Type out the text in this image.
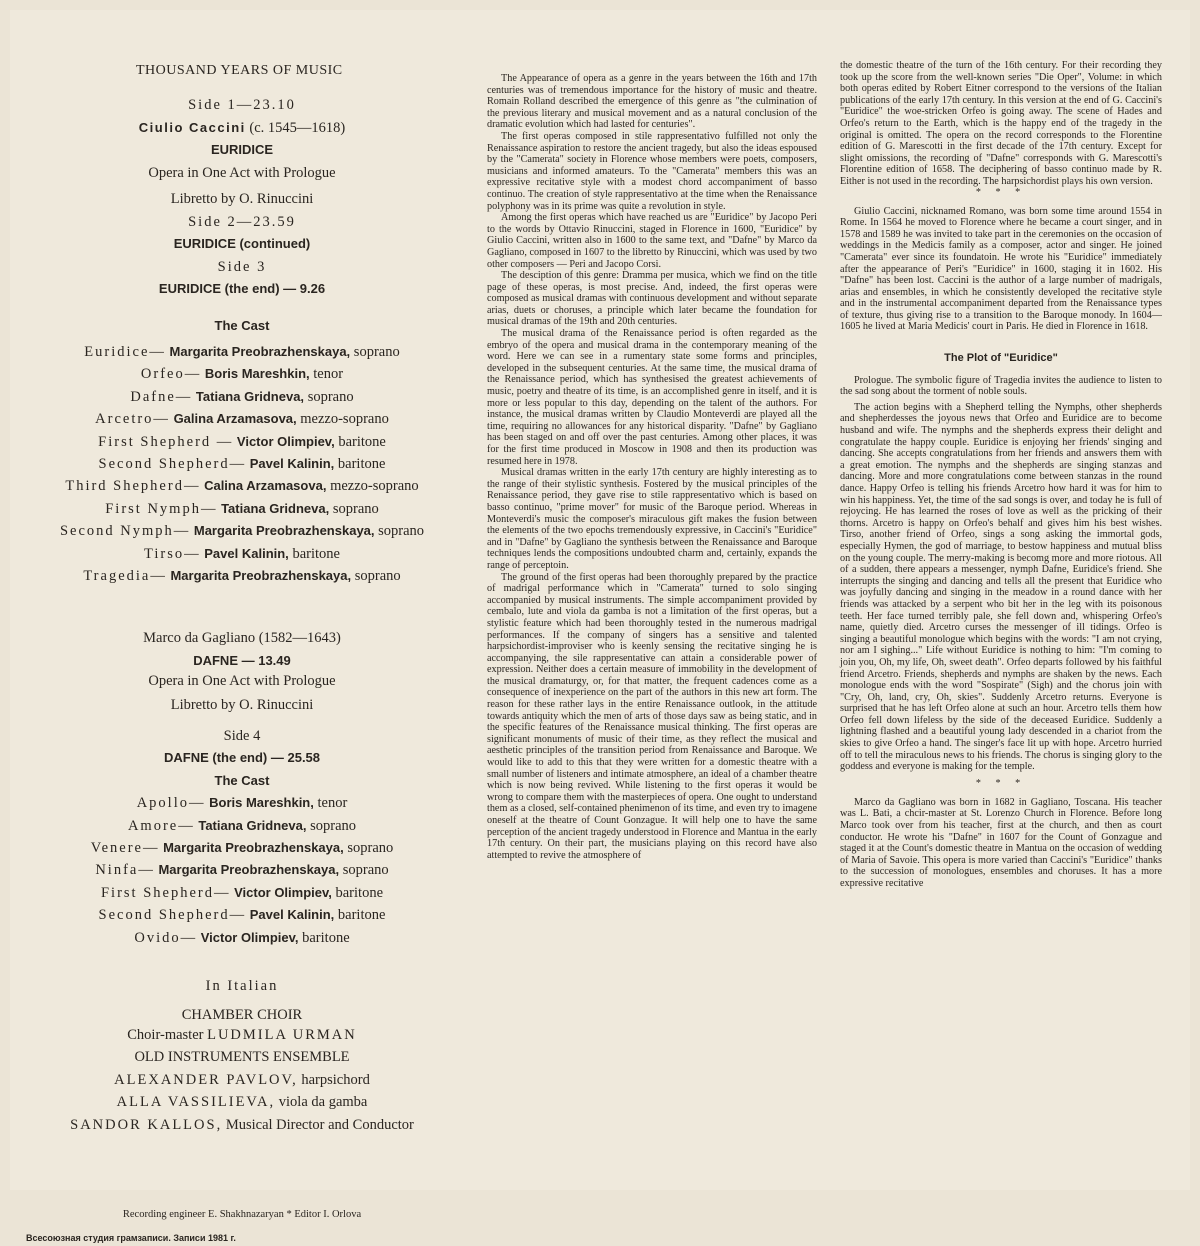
THOUSAND YEARS OF MUSIC
Side 1—23.10
Ciulio Caccini (c. 1545—1618)
EURIDICE
Opera in One Act with Prologue
Libretto by O. Rinuccini
Side 2—23.59
EURIDICE (continued)
Side 3
EURIDICE (the end) — 9.26
The Cast
Euridice— Margarita Preobrazhenskaya, soprano
Orfeo— Boris Mareshkin, tenor
Dafne— Tatiana Gridneva, soprano
Arcetro— Galina Arzamasova, mezzo-soprano
First Shepherd — Victor Olimpiev, baritone
Second Shepherd— Pavel Kalinin, baritone
Third Shepherd— Calina Arzamasova, mezzo-soprano
First Nymph— Tatiana Gridneva, soprano
Second Nymph— Margarita Preobrazhenskaya, soprano
Tirso— Pavel Kalinin, baritone
Tragedia— Margarita Preobrazhenskaya, soprano
Marco da Gagliano (1582—1643)
DAFNE — 13.49
Opera in One Act with Prologue
Libretto by O. Rinuccini
Side 4
DAFNE (the end) — 25.58
The Cast
Apollo— Boris Mareshkin, tenor
Amore— Tatiana Gridneva, soprano
Venere— Margarita Preobrazhenskaya, soprano
Ninfa— Margarita Preobrazhenskaya, soprano
First Shepherd— Victor Olimpiev, baritone
Second Shepherd— Pavel Kalinin, baritone
Ovido— Victor Olimpiev, baritone
In Italian
CHAMBER CHOIR
Choir-master LUDMILA URMAN
OLD INSTRUMENTS ENSEMBLE
ALEXANDER PAVLOV, harpsichord
ALLA VASSILIEVA, viola da gamba
SANDOR KALLOS, Musical Director and Conductor
Recording engineer E. Shakhnazaryan * Editor I. Orlova
Всесоюзная студия грамзаписи. Записи 1981 г.

The Appearance of opera as a genre in the years between the 16th and 17th centuries was of tremendous importance for the history of music and theatre. Romain Rolland described the emergence of this genre as "the culmination of the previous literary and musical movement and as a natural conclusion of the dramatic evolution which had lasted for centuries".

The first operas composed in stile rappresentativo fulfilled not only the Renaissance aspiration to restore the ancient tragedy, but also the ideas espoused by the "Camerata" society in Florence whose members were poets, composers, musicians and informed amateurs. To the "Camerata" members this was an expressive recitative style with a modest chord accompaniment of basso continuo. The creation of style rappresentativo at the time when the Renaissance polyphony was in its prime was quite a revolution in style.

Among the first operas which have reached us are "Euridice" by Jacopo Peri to the words by Ottavio Rinuccini, staged in Florence in 1600, "Euridice" by Giulio Caccini, written also in 1600 to the same text, and "Dafne" by Marco da Gagliano, composed in 1607 to the libretto by Rinuccini, which was used by two other composers — Peri and Jacopo Corsi.

The desciption of this genre: Dramma per musica, which we find on the title page of these operas, is most precise. And, indeed, the first operas were composed as musical dramas with continuous development and without separate arias, duets or choruses, a principle which later became the foundation for musical dramas of the 19th and 20th centuries.

The musical drama of the Renaissance period is often regarded as the embryo of the opera and musical drama in the contemporary meaning of the word. Here we can see in a rumentary state some forms and principles, developed in the subsequent centuries. At the same time, the musical drama of the Renaissance period, which has synthesised the greatest achievements of music, poetry and theatre of its time, is an accomplished genre in itself, and it is more or less popular to this day, depending on the talent of the authors. For instance, the musical dramas written by Claudio Monteverdi are played all the time, requiring no allowances for any historical disparity. "Dafne" by Gagliano has been staged on and off over the past centuries. Among other places, it was for the first time produced in Moscow in 1908 and then its production was resumed here in 1978.

Musical dramas written in the early 17th century are highly interesting as to the range of their stylistic synthesis. Fostered by the musical principles of the Renaissance period, they gave rise to stile rappresentativo which is based on basso continuo, "prime mover" for music of the Baroque period. Whereas in Monteverdi's music the composer's miraculous gift makes the fusion between the elements of the two epochs tremendously expressive, in Caccini's "Euridice" and in "Dafne" by Gagliano the synthesis between the Renaissance and Baroque techniques lends the compositions undoubted charm and, certainly, expands the range of perceptoin.

The ground of the first operas had been thoroughly prepared by the practice of madrigal performance which in "Camerata" turned to solo singing accompanied by musical instruments. The simple accompaniment provided by cembalo, lute and viola da gamba is not a limitation of the first operas, but a stylistic feature which had been thoroughly tested in the numerous madrigal performances. If the company of singers has a sensitive and talented harpsichordist-improviser who is keenly sensing the recitative singing he is accompanying, the sile rappresentative can attain a considerable power of expression. Neither does a certain measure of immobility in the development of the musical dramaturgy, or, for that matter, the frequent cadences come as a consequence of inexperience on the part of the authors in this new art form. The reason for these rather lays in the entire Renaissance outlook, in the attitude towards antiquity which the men of arts of those days saw as being static, and in the specific features of the Renaissance musical thinking. The first operas are significant monuments of music of their time, as they reflect the musical and aesthetic principles of the transition period from Renaissance and Baroque. We would like to add to this that they were written for a domestic theatre with a small number of listeners and intimate atmosphere, an ideal of a chamber theatre which is now being revived. While listening to the first operas it would be wrong to compare them with the masterpieces of opera. One ought to understand them as a closed, self-contained phenimenon of its time, and even try to imagene oneself at the theatre of Count Gonzague. It will help one to have the same perception of the ancient tragedy understood in Florence and Mantua in the early 17th century. On their part, the musicians playing on this record have also attempted to revive the atmosphere of

the domestic theatre of the turn of the 16th century. For their recording they took up the score from the well-known series "Die Oper", Volume: in which both operas edited by Robert Eitner correspond to the versions of the Italian publications of the early 17th century. In this version at the end of G. Caccini's "Euridice" the woe-stricken Orfeo is going away. The scene of Hades and Orfeo's return to the Earth, which is the happy end of the tragedy in the original is omitted. The opera on the record corresponds to the Florentine edition of G. Marescotti in the first decade of the 17th century. Except for slight omissions, the recording of "Dafne" corresponds with G. Marescotti's Florentine edition of 1658. The deciphering of basso continuo made by R. Either is not used in the recording. The harpsichordist plays his own version.

* * *

Giulio Caccini, nicknamed Romano, was born some time around 1554 in Rome. In 1564 he moved to Florence where he became a court singer, and in 1578 and 1589 he was invited to take part in the ceremonies on the occasion of weddings in the Medicis family as a composer, actor and singer. He joined "Camerata" ever since its foundatoin. He wrote his "Euridice" immediately after the appearance of Peri's "Euridice" in 1600, staging it in 1602. His "Dafne" has been lost. Caccini is the author of a large number of madrigals, arias and ensembles, in which he consistently developed the recitative style and in the instrumental accompaniment departed from the Renaissance types of texture, thus giving rise to a transition to the Baroque monody. In 1604—1605 he lived at Maria Medicis' court in Paris. He died in Florence in 1618.

The Plot of "Euridice"

Prologue. The symbolic figure of Tragedia invites the audience to listen to the sad song about the torment of noble souls.

The action begins with a Shepherd telling the Nymphs, other shepherds and shepherdesses the joyous news that Orfeo and Euridice are to become husband and wife. The nymphs and the shepherds express their delight and congratulate the happy couple. Euridice is enjoying her friends' singing and dancing. She accepts congratulations from her friends and answers them with a great emotion. The nymphs and the shepherds are singing stanzas and dancing. More and more congratulations come between stanzas in the round dance. Happy Orfeo is telling his friends Arcetro how hard it was for him to win his happiness. Yet, the time of the sad songs is over, and today he is full of rejoycing. He has learned the roses of love as well as the pricking of their thorns. Arcetro is happy on Orfeo's behalf and gives him his best wishes. Tirso, another friend of Orfeo, sings a song asking the immortal gods, especially Hymen, the god of marriage, to bestow happiness and mutual bliss on the young couple. The merry-making is becomg more and more riotous. All of a sudden, there appears a messenger, nymph Dafne, Euridice's friend. She interrupts the singing and dancing and tells all the present that Euridice who was joyfully dancing and singing in the meadow in a round dance with her friends was attacked by a serpent who bit her in the leg with its poisonous teeth. Her face turned terribly pale, she fell down and, whispering Orfeo's name, quietly died. Arcetro curses the messenger of ill tidings. Orfeo is singing a beautiful monologue which begins with the words: "I am not crying, nor am I sighing..." Life without Euridice is nothing to him: "I'm coming to join you, Oh, my life, Oh, sweet death". Orfeo departs followed by his faithful friend Arcetro. Friends, shepherds and nymphs are shaken by the news. Each monologue ends with the word "Sospirate" (Sigh) and the chorus join with "Cry, Oh, land, cry, Oh, skies". Suddenly Arcetro returns. Everyone is surprised that he has left Orfeo alone at such an hour. Arcetro tells them how Orfeo fell down lifeless by the side of the deceased Euridice. Suddenly a lightning flashed and a beautiful young lady descended in a chariot from the skies to give Orfeo a hand. The singer's face lit up with hope. Arcetro hurried off to tell the miraculous news to his friends. The chorus is singing glory to the goddess and everyone is making for the temple.

* * *

Marco da Gagliano was born in 1682 in Gagliano, Toscana. His teacher was L. Bati, a chcir-master at St. Lorenzo Church in Florence. Before long Marco took over from his teacher, first at the church, and then as court conductor. He wrote his "Dafne" in 1607 for the Count of Gonzague and staged it at the Count's domestic theatre in Mantua on the occasion of wedding of Maria of Savoie. This opera is more varied than Caccini's "Euridice" thanks to the succession of monologues, ensembles and choruses. It has a more expressive recitative
